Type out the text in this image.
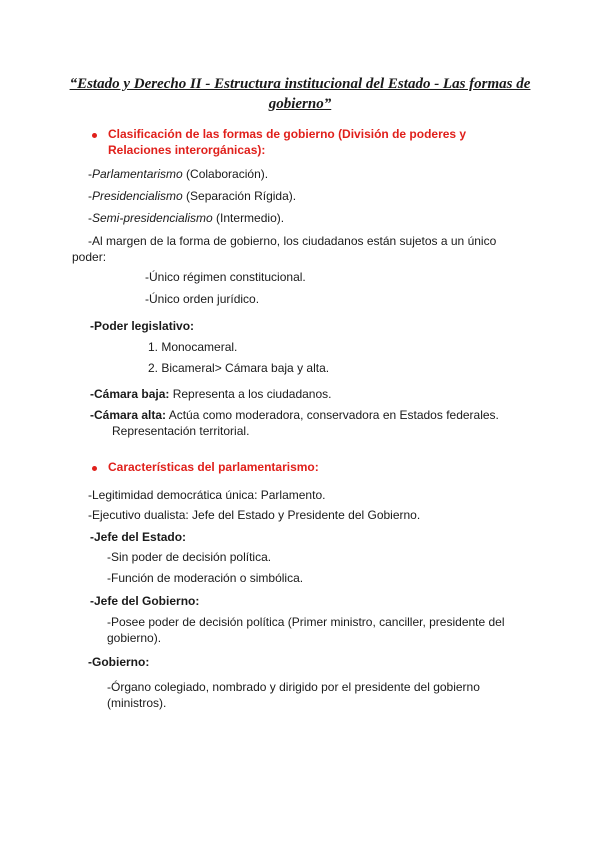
“Estado y Derecho II - Estructura institucional del Estado - Las formas de gobierno”
Clasificación de las formas de gobierno (División de poderes y Relaciones interorgánicas):
-Parlamentarismo (Colaboración).
-Presidencialismo (Separación Rígida).
-Semi-presidencialismo (Intermedio).
-Al margen de la forma de gobierno, los ciudadanos están sujetos a un único poder:
-Único régimen constitucional.
-Único orden jurídico.
-Poder legislativo:
1. Monocameral.
2. Bicameral> Cámara baja y alta.
-Cámara baja: Representa a los ciudadanos.
-Cámara alta: Actúa como moderadora, conservadora en Estados federales.
Representación territorial.
Características del parlamentarismo:
-Legitimidad democrática única: Parlamento.
-Ejecutivo dualista: Jefe del Estado y Presidente del Gobierno.
-Jefe del Estado:
-Sin poder de decisión política.
-Función de moderación o simbólica.
-Jefe del Gobierno:
-Posee poder de decisión política (Primer ministro, canciller, presidente del gobierno).
-Gobierno:
-Órgano colegiado, nombrado y dirigido por el presidente del gobierno (ministros).
